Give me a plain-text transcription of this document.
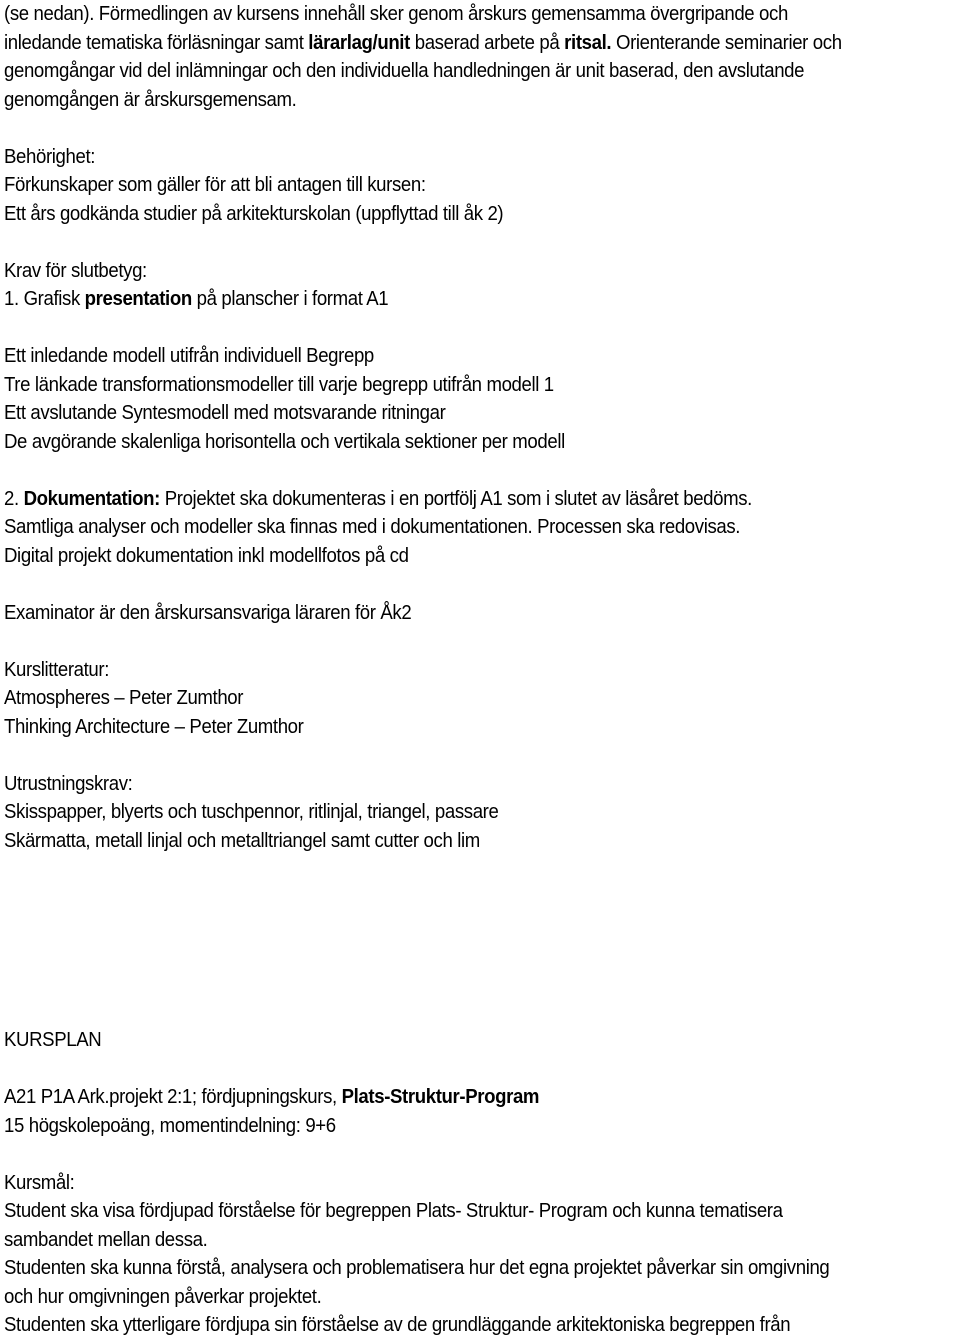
(se nedan). Förmedlingen av kursens innehåll sker genom årskurs gemensamma övergripande och
inledande tematiska förläsningar samt lärarlag/unit baserad arbete på ritsal. Orienterande seminarier och
genomgångar vid del inlämningar och den individuella handledningen är unit baserad, den avslutande
genomgången är årskursgemensam.
Behörighet:
Förkunskaper som gäller för att bli antagen till kursen:
Ett års godkända studier på arkitekturskolan (uppflyttad till åk 2)
Krav för slutbetyg:
1. Grafisk presentation på planscher i format A1
Ett inledande modell utifrån individuell Begrepp
Tre länkade transformationsmodeller till varje begrepp utifrån modell 1
Ett avslutande Syntesmodell med motsvarande ritningar
De avgörande skalenliga horisontella och vertikala sektioner per modell
2. Dokumentation: Projektet ska dokumenteras i en portfölj A1 som i slutet av läsåret bedöms.
Samtliga analyser och modeller ska finnas med i dokumentationen. Processen ska redovisas.
Digital projekt dokumentation inkl modellfotos på cd
Examinator är den årskursansvariga läraren för Åk2
Kurslitteratur:
Atmospheres – Peter Zumthor
Thinking Architecture – Peter Zumthor
Utrustningskrav:
Skisspapper, blyerts och tuschpennor, ritlinjal, triangel, passare
Skärmatta, metall linjal och metalltriangel samt cutter och lim
KURSPLAN
A21 P1A Ark.projekt 2:1; fördjupningskurs, Plats-Struktur-Program
15 högskolepoäng, momentindelning: 9+6
Kursmål:
Student ska visa fördjupad förståelse för begreppen Plats- Struktur- Program och kunna tematisera
sambandet mellan dessa.
Studenten ska kunna förstå, analysera och problematisera hur det egna projektet påverkar sin omgivning
och hur omgivningen påverkar projektet.
Studenten ska ytterligare fördjupa sin förståelse av de grundläggande arkitektoniska begreppen från
